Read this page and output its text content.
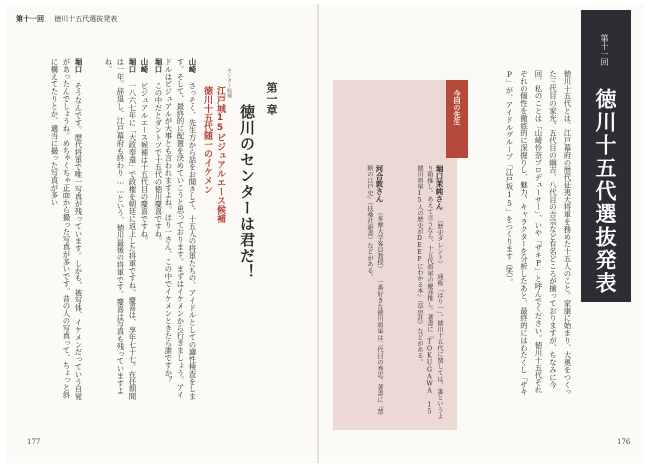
第十一回 徳川十五代選抜発表
第一章
徳川のセンターは君だ！
センター候補
江戸城15ビジュアルエース候補
徳川十五代随一のイケメン
山崎 さっそく、先生方から話をお聞きして、十五人の将軍たちの、アイドルとしての適性検査をします。そして、最終的に配置を決めていこうと思っております。まずはイケメンから行きましょう。アイドルはビジュアルが大事とも言われますよね。ほり一さん、この中でイケメンときたら誰ですか？
堀口 この中だとダントツで十五代の徳川慶喜ですね。
山崎 ビジュアルエース候補は十五代目の慶喜ですね。
堀口 一八六七年に「大政奉還」で政権を朝廷に返上した将軍ですね。慶喜は、享年七十七。在任期間は一年。辞退し、江戸幕府も終わり……という、徳川最後の将軍です。慶喜は写真も残っていますよね。
堀口 そうなんです。歴代将軍で唯一写真が残っています。しかも、被写体、イケメンだっていう自覚があったんでしょうね。めちゃくちゃ正面から撮った写真が多いです。昔の人の写真って、ちょっと斜に構えてたりとか、適当に撮った写真が多い
177
第十一回
徳川十五代選抜発表
徳川十五代とは、江戸幕府の歴代征夷大将軍を務めた十五人のこと。家康に始まり、大奥をつくった三代目の家光、五代目の綱吉、八代目の吉宗など有名どころが揃っておりますが、ちなみに今回、私のことは「山崎怜奈プロデューサー」、いや「ザキP」と呼んでください。徳川十五代それぞれの個性を徹底的に深掘りし、魅力、キャラクターを分析したあと、最終的にはわたくし「ザキP」が、アイドルグループ「江戸坂15」をつくります（笑）。
今回の先生
堀口茉純さん （歴史タレント） 通称「ほり一」。徳川十五代に関しては、誰というより箱推し。あえて言うなら、十五代将軍の慶喜推し。著書に『TOKUGAWA 15 徳川将軍15人の歴史がDEEPにわかる本』（草思社）などがある。
河合敦さん （多摩大学客員教授） 一番好きな徳川将軍は二代目の秀忠。著書に『禁断の江戸史』（扶桑社新書）などがある。
176
